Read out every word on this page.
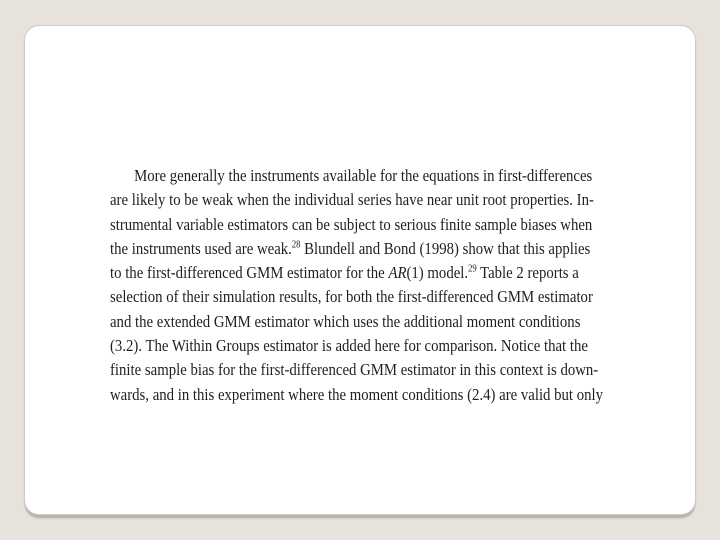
More generally the instruments available for the equations in first-differences
are likely to be weak when the individual series have near unit root properties. In-
strumental variable estimators can be subject to serious finite sample biases when
the instruments used are weak.$^{28}$ Blundell and Bond (1998) show that this applies
to the first-differenced GMM estimator for the AR(1) model.$^{29}$ Table 2 reports a
selection of their simulation results, for both the first-differenced GMM estimator
and the extended GMM estimator which uses the additional moment conditions
(3.2). The Within Groups estimator is added here for comparison. Notice that the
finite sample bias for the first-differenced GMM estimator in this context is down-
wards, and in this experiment where the moment conditions (2.4) are valid but only
